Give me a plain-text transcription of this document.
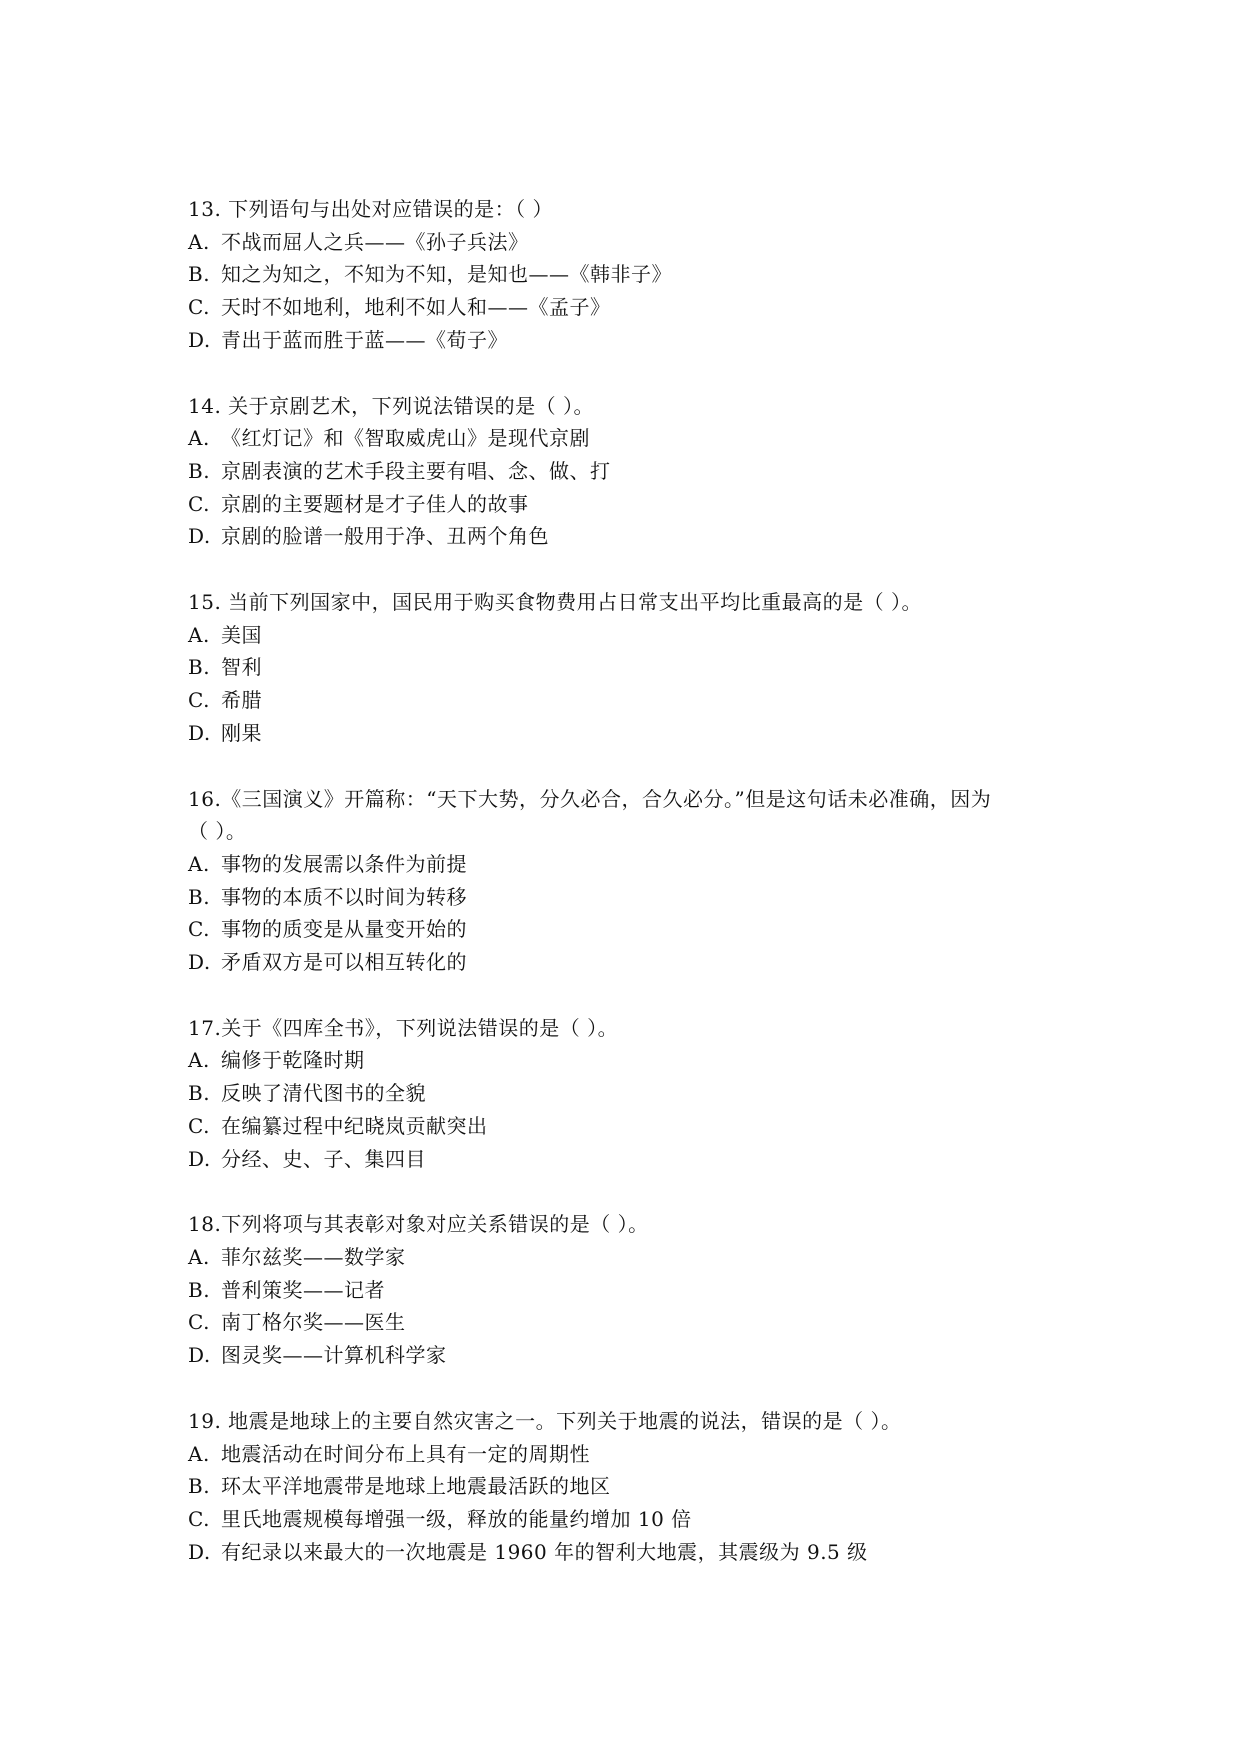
13. 下列语句与出处对应错误的是：（ ）
A. 不战而屈人之兵——《孙子兵法》
B. 知之为知之，不知为不知，是知也——《韩非子》
C. 天时不如地利，地利不如人和——《孟子》
D. 青出于蓝而胜于蓝——《荀子》
14. 关于京剧艺术，下列说法错误的是（ ）。
A. 《红灯记》和《智取威虎山》是现代京剧
B. 京剧表演的艺术手段主要有唱、念、做、打
C. 京剧的主要题材是才子佳人的故事
D. 京剧的脸谱一般用于净、丑两个角色
15. 当前下列国家中，国民用于购买食物费用占日常支出平均比重最高的是（ ）。
A. 美国
B. 智利
C. 希腊
D. 刚果
16.《三国演义》开篇称：“天下大势，分久必合，合久必分。”但是这句话未必准确，因为
（ ）。
A. 事物的发展需以条件为前提
B. 事物的本质不以时间为转移
C. 事物的质变是从量变开始的
D. 矛盾双方是可以相互转化的
17.关于《四库全书》，下列说法错误的是（ ）。
A. 编修于乾隆时期
B. 反映了清代图书的全貌
C. 在编纂过程中纪晓岚贡献突出
D. 分经、史、子、集四目
18.下列将项与其表彰对象对应关系错误的是（ ）。
A. 菲尔兹奖——数学家
B. 普利策奖——记者
C. 南丁格尔奖——医生
D. 图灵奖——计算机科学家
19. 地震是地球上的主要自然灾害之一。下列关于地震的说法，错误的是（ ）。
A. 地震活动在时间分布上具有一定的周期性
B. 环太平洋地震带是地球上地震最活跃的地区
C. 里氏地震规模每增强一级，释放的能量约增加 10 倍
D. 有纪录以来最大的一次地震是 1960 年的智利大地震，其震级为 9.5 级
